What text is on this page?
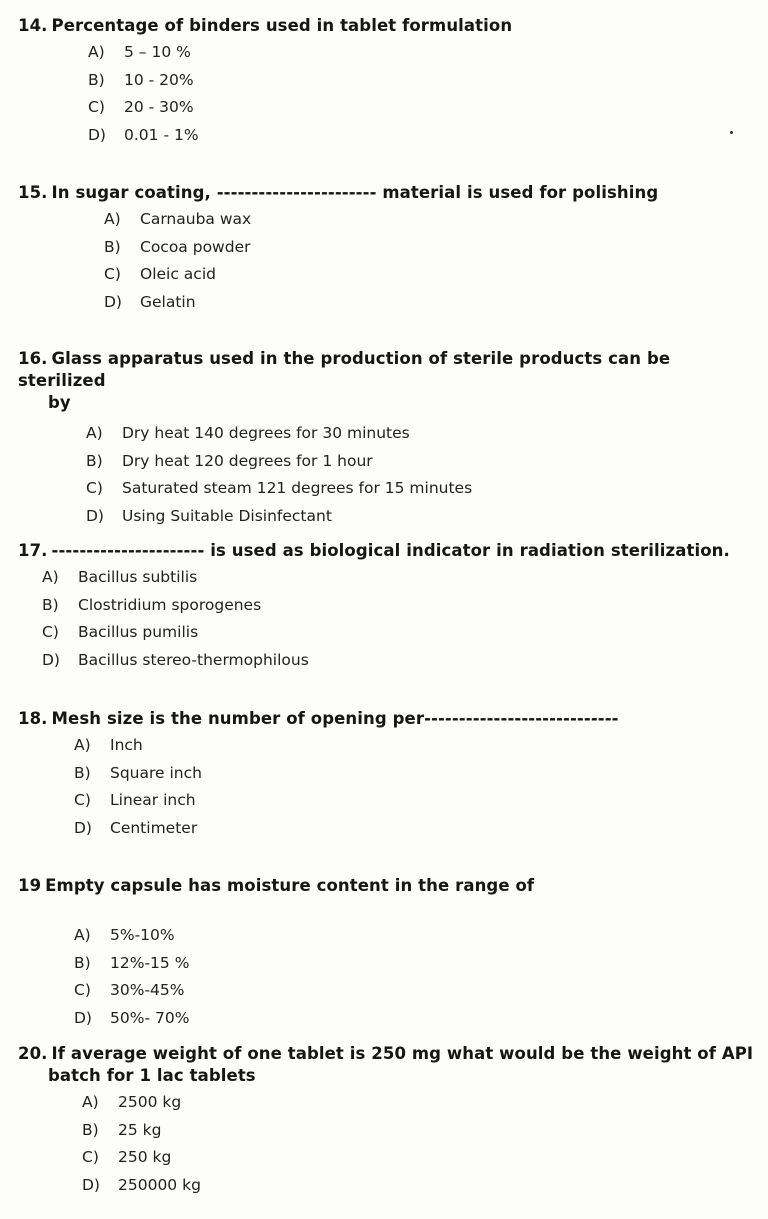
14. Percentage of binders used in tablet formulation
A) 5 – 10 %
B) 10 - 20%
C) 20 - 30%
D) 0.01 - 1%
15. In sugar coating, ----------------------- material is used for polishing
A) Carnauba wax
B) Cocoa powder
C) Oleic acid
D) Gelatin
16. Glass apparatus used in the production of sterile products can be sterilized
by
A) Dry heat 140 degrees for 30 minutes
B) Dry heat 120 degrees for 1 hour
C) Saturated steam 121 degrees for 15 minutes
D) Using Suitable Disinfectant
17. ---------------------- is used as biological indicator in radiation sterilization.
A) Bacillus subtilis
B) Clostridium sporogenes
C) Bacillus pumilis
D) Bacillus stereo-thermophilous
18. Mesh size is the number of opening per----------------------------
A) Inch
B) Square inch
C) Linear inch
D) Centimeter
19 Empty capsule has moisture content in the range of
A) 5%-10%
B) 12%-15 %
C) 30%-45%
D) 50%- 70%
20. If average weight of one tablet is 250 mg what would be the weight of API
batch for 1 lac tablets
A) 2500 kg
B) 25 kg
C) 250 kg
D) 250000 kg
